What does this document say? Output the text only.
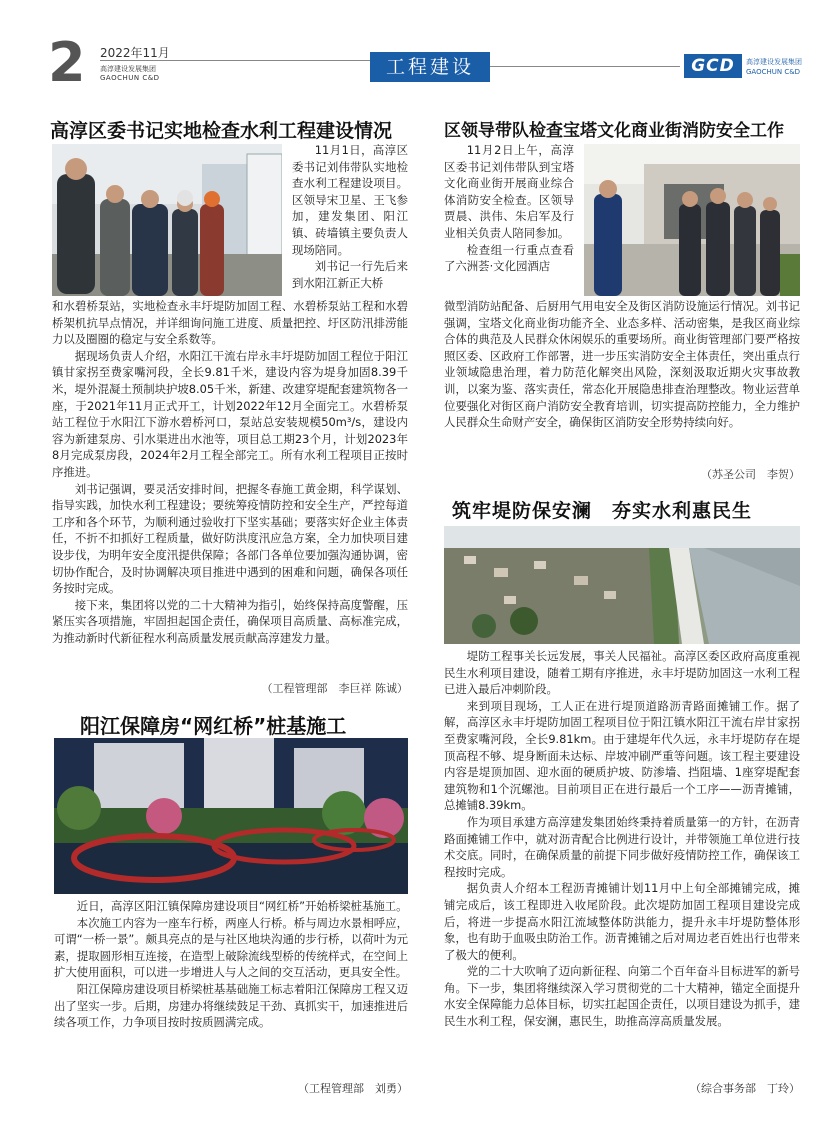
2 2022年11月
高淳建设发展集团
GAOCHUN C&D	工程建设	GCD	高淳建设发展集团
GAOCHUN C&D
高淳区委书记实地检查水利工程建设情况

11月1日，高淳区委书记刘伟带队实地检查水利工程建设项目。区领导宋卫星、王飞参加，建发集团、阳江镇、砖墙镇主要负责人现场陪同。

刘书记一行先后来到水阳江新正大桥

和水碧桥泵站，实地检查永丰圩堤防加固工程、水碧桥泵站工程和水碧桥架机抗旱点情况，并详细询问施工进度、质量把控、圩区防汛排涝能力以及圈圈的稳定与安全系数等。

据现场负责人介绍，水阳江干流右岸永丰圩堤防加固工程位于阳江镇甘家拐至费家嘴河段，全长9.81千米，建设内容为堤身加固8.39千米，堤外混凝土预制块护坡8.05千米，新建、改建穿堤配套建筑物各一座，于2021年11月正式开工，计划2022年12月全面完工。水碧桥泵站工程位于水阳江下游水碧桥河口，泵站总安装规模50m³/s，建设内容为新建泵房、引水渠进出水池等，项目总工期23个月，计划2023年8月完成泵房段，2024年2月工程全部完工。所有水利工程项目正按时序推进。

刘书记强调，要灵活安排时间，把握冬春施工黄金期，科学谋划、指导实践，加快水利工程建设；要统筹疫情防控和安全生产，严控每道工序和各个环节，为顺利通过验收打下坚实基础；要落实好企业主体责任，不折不扣抓好工程质量，做好防洪度汛应急方案，全力加快项目建设步伐，为明年安全度汛提供保障；各部门各单位要加强沟通协调，密切协作配合，及时协调解决项目推进中遇到的困难和问题，确保各项任务按时完成。

接下来，集团将以党的二十大精神为指引，始终保持高度警醒，压紧压实各项措施，牢固担起国企责任，确保项目高质量、高标准完成，为推动新时代新征程水利高质量发展贡献高淳建发力量。

（工程管理部　李巨祥 陈诚）
阳江保障房“网红桥”桩基施工

近日，高淳区阳江镇保障房建设项目“网红桥”开始桥梁桩基施工。

本次施工内容为一座车行桥，两座人行桥。桥与周边水景相呼应，可谓“一桥一景”。颇具亮点的是与社区地块沟通的步行桥，以荷叶为元素，提取圆形相互连接，在造型上破除流线型桥的传统样式，在空间上扩大使用面积，可以进一步增进人与人之间的交互活动，更具安全性。

阳江保障房建设项目桥梁桩基基础施工标志着阳江保障房工程又迈出了坚实一步。后期，房建办将继续鼓足干劲、真抓实干，加速推进后续各项工作，力争项目按时按质圆满完成。

（工程管理部　刘勇）
区领导带队检查宝塔文化商业街消防安全工作

11月2日上午，高淳区委书记刘伟带队到宝塔文化商业街开展商业综合体消防安全检查。区领导贾晨、洪伟、朱启军及行业相关负责人陪同参加。

检查组一行重点查看了六洲荟·文化园酒店

微型消防站配备、后厨用气用电安全及街区消防设施运行情况。刘书记强调，宝塔文化商业街功能齐全、业态多样、活动密集，是我区商业综合体的典范及人民群众休闲娱乐的重要场所。商业街管理部门要严格按照区委、区政府工作部署，进一步压实消防安全主体责任，突出重点行业领域隐患治理，着力防范化解突出风险，深刻汲取近期火灾事故教训，以案为鉴、落实责任，常态化开展隐患排查治理整改。物业运营单位要强化对街区商户消防安全教育培训，切实提高防控能力，全力维护人民群众生命财产安全，确保街区消防安全形势持续向好。

（苏圣公司　李贺）
筑牢堤防保安澜　夯实水利惠民生

堤防工程事关长远发展，事关人民福祉。高淳区委区政府高度重视民生水利项目建设，随着工期有序推进，永丰圩堤防加固这一水利工程已进入最后冲刺阶段。

来到项目现场，工人正在进行堤顶道路沥青路面摊铺工作。据了解，高淳区永丰圩堤防加固工程项目位于阳江镇水阳江干流右岸甘家拐至费家嘴河段，全长9.81km。由于建堤年代久远，永丰圩堤防存在堤顶高程不够、堤身断面未达标、岸坡冲刷严重等问题。该工程主要建设内容是堤顶加固、迎水面的硬质护坡、防渗墙、挡阻墙、1座穿堤配套建筑物和1个沉螺池。目前项目正在进行最后一个工序——沥青摊铺，总摊铺8.39km。

作为项目承建方高淳建发集团始终秉持着质量第一的方针，在沥青路面摊铺工作中，就对沥青配合比例进行设计，并带领施工单位进行技术交底。同时，在确保质量的前提下同步做好疫情防控工作，确保该工程按时完成。

据负责人介绍本工程沥青摊铺计划11月中上旬全部摊铺完成，摊铺完成后，该工程即进入收尾阶段。此次堤防加固工程项目建设完成后，将进一步提高水阳江流域整体防洪能力，提升永丰圩堤防整体形象，也有助于血吸虫防治工作。沥青摊铺之后对周边老百姓出行也带来了极大的便利。

党的二十大吹响了迈向新征程、向第二个百年奋斗目标进军的新号角。下一步，集团将继续深入学习贯彻党的二十大精神，锚定全面提升水安全保障能力总体目标，切实扛起国企责任，以项目建设为抓手，建民生水利工程，保安澜，惠民生，助推高淳高质量发展。

（综合事务部　丁玲）
